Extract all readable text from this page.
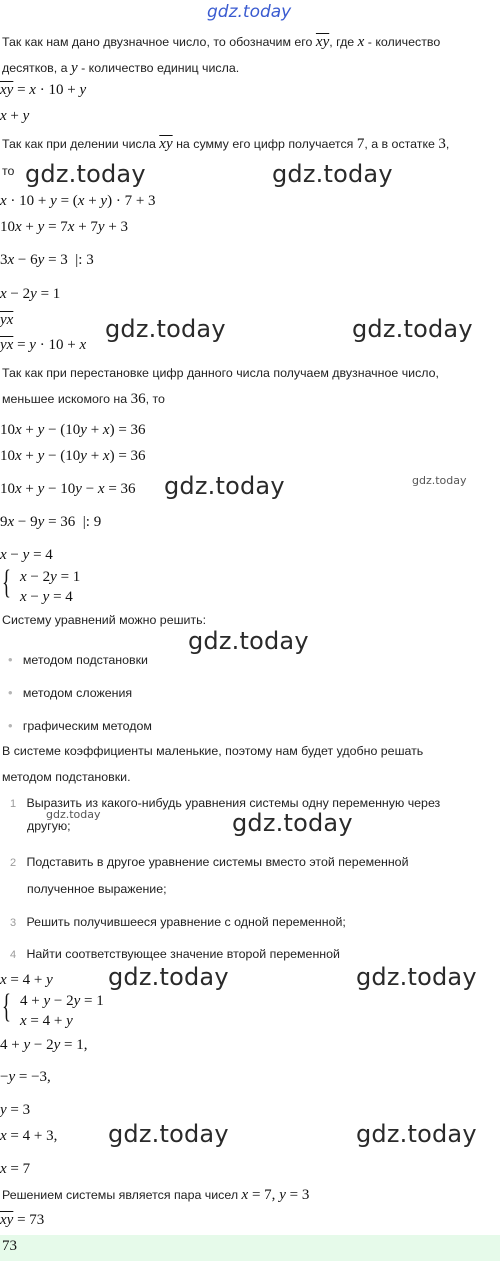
gdz.today
Так как нам дано двузначное число, то обозначим его $\overline{xy}$, где x - количество
десятков, а y - количество единиц числа.
$\overline{xy} = x \cdot 10 + y$
x + y
Так как при делении числа $\overline{xy}$ на сумму его цифр получается 7, а в остатке 3,
то gdz.today	gdz.today
x · 10 + y = (x + y) · 7 + 3
10x + y = 7x + 7y + 3
3x − 6y = 3  |: 3
x − 2y = 1
$\overline{yx}$
$\overline{yx} = y \cdot 10 + x$
gdz.today	gdz.today
Так как при перестановке цифр данного числа получаем двузначное число,
меньшее искомого на 36, то
10x + y − (10y + x) = 36
10x + y − (10y + x) = 36
10x + y − 10y − x = 36 gdz.today	gdz.today
9x − 9y = 36  |: 9
x − y = 4
{ x − 2y = 1
x − y = 4
Систему уравнений можно решить:
gdz.today
• методом подстановки
• методом сложения
• графическим методом
В системе коэффициенты маленькие, поэтому нам будет удобно решать
методом подстановки.
1 Выразить из какого-нибудь уравнения системы одну переменную через
gdz.today
другую;	gdz.today
2 Подставить в другое уравнение системы вместо этой переменной
полученное выражение;
3 Решить получившееся уравнение с одной переменной;
4 Найти соответствующее значение второй переменной
x = 4 + y gdz.today	gdz.today
{ 4 + y − 2y = 1
x = 4 + y
4 + y − 2y = 1,
−y = −3,
y = 3
x = 4 + 3, gdz.today	gdz.today
x = 7
Решением системы является пара чисел x = 7, y = 3
$\overline{xy} = 73$
73
